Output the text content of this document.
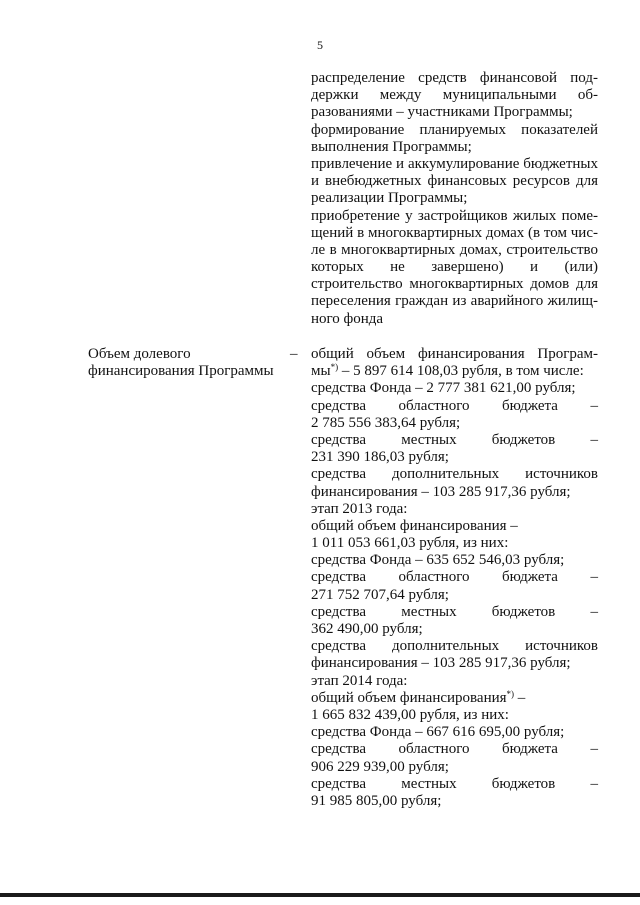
5
распределение средств финансовой под-
держки между муниципальными об-
разованиями – участниками Программы;
формирование планируемых показателей
выполнения Программы;
привлечение и аккумулирование бюджетных
и внебюджетных финансовых ресурсов для
реализации Программы;
приобретение у застройщиков жилых поме-
щений в многоквартирных домах (в том чис-
ле в многоквартирных домах, строительство
которых не завершено) и (или)
строительство многоквартирных домов для
переселения граждан из аварийного жилищ-
ного фонда
Объем долевого
финансирования Программы
– общий объем финансирования Програм-
мы*) – 5 897 614 108,03 рубля, в том числе:
средства Фонда – 2 777 381 621,00 рубля;
средства областного бюджета –
2 785 556 383,64 рубля;
средства местных бюджетов –
231 390 186,03 рубля;
средства дополнительных источников
финансирования – 103 285 917,36 рубля;
этап 2013 года:
общий объем финансирования –
1 011 053 661,03 рубля, из них:
средства Фонда – 635 652 546,03 рубля;
средства областного бюджета –
271 752 707,64 рубля;
средства местных бюджетов –
362 490,00 рубля;
средства дополнительных источников
финансирования – 103 285 917,36 рубля;
этап 2014 года:
общий объем финансирования*) –
1 665 832 439,00 рубля, из них:
средства Фонда – 667 616 695,00 рубля;
средства областного бюджета –
906 229 939,00 рубля;
средства местных бюджетов –
91 985 805,00 рубля;
